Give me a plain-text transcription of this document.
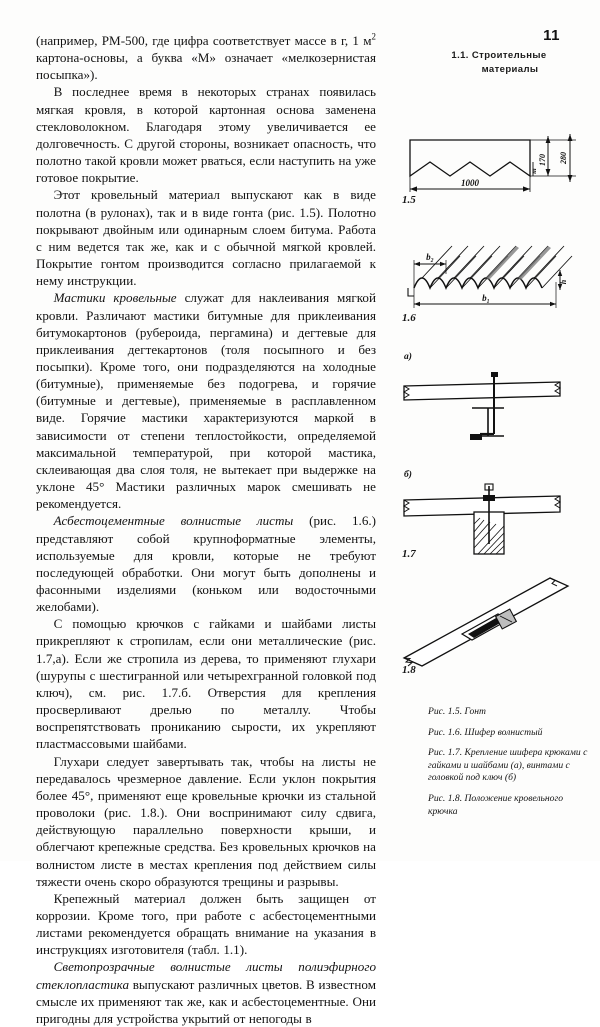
11
1.1. Строительные
материалы

(например, РМ-500, где цифра соответствует массе в г, 1 $м^2$ картона-основы, а буква «М» означает «мелкозернистая посыпка»).

В последнее время в некоторых странах появилась мягкая кровля, в которой картонная основа заменена стекловолокном. Благодаря этому увеличивается ее долговечность. С другой стороны, возникает опасность, что полотно такой кровли может рваться, если наступить на уже готовое покрытие.

Этот кровельный материал выпускают как в виде полотна (в рулонах), так и в виде гонта (рис. 1.5). Полотно покрывают двойным или одинарным слоем битума. Работа с ним ведется так же, как и с обычной мягкой кровлей. Покрытие гонтом производится согласно прилагаемой к нему инструкции.

Мастики кровельные служат для наклеивания мягкой кровли. Различают мастики битумные для приклеивания битумокартонов (рубероида, пергамина) и дегтевые для приклеивания дегтекартонов (толя посыпного и без посыпки). Кроме того, они подразделяются на холодные (битумные), применяемые без подогрева, и горячие (битумные и дегтевые), применяемые в расплавленном виде. Горячие мастики характеризуются маркой в зависимости от степени теплостойкости, определяемой максимальной температурой, при которой мастика, склеивающая два слоя толя, не вытекает при выдержке на уклоне 45° Мастики различных марок смешивать не рекомендуется.

Асбестоцементные волнистые листы (рис. 1.6.) представляют собой крупноформатные элементы, используемые для кровли, которые не требуют последующей обработки. Они могут быть дополнены и фасонными изделиями (коньком или водосточными желобами).

С помощью крючков с гайками и шайбами листы прикрепляют к стропилам, если они металлические (рис. 1.7,а). Если же стропила из дерева, то применяют глухари (шурупы с шестигранной или четырехгранной головкой под ключ), см. рис. 1.7.б. Отверстия для крепления просверливают дрелью по металлу. Чтобы воспрепятствовать прониканию сырости, их укрепляют пластмассовыми шайбами.

Глухари следует завертывать так, чтобы на листы не передавалось чрезмерное давление. Если уклон покрытия более 45°, применяют еще кровельные крючки из стальной проволоки (рис. 1.8.). Они воспринимают силу сдвига, действующую параллельно поверхности крыши, и облегчают крепежные средства. Без кровельных крючков на волнистом листе в местах крепления под действием силы тяжести очень скоро образуются трещины и разрывы.

Крепежный материал должен быть защищен от коррозии. Кроме того, при работе с асбестоцементными листами рекомендуется обращать внимание на указания в инструкциях изготовителя (табл. 1.1).

Светопрозрачные волнистые листы полиэфирного стеклопластика выпускают различных цветов. В известном смысле их применяют так же, как и асбестоцементные. Они пригодны для устройства укрытий от непогоды в

1000
170
m
280
1.5
b₂
b₁
h
1.6
а)
б)
1.7
1.8
Рис. 1.5. Гонт
Рис. 1.6. Шифер волнистый
Рис. 1.7. Крепление шифера крюками с гайками и шайбами (а), винтами с головкой под ключ (б)
Рис. 1.8. Положение кровельного крючка
